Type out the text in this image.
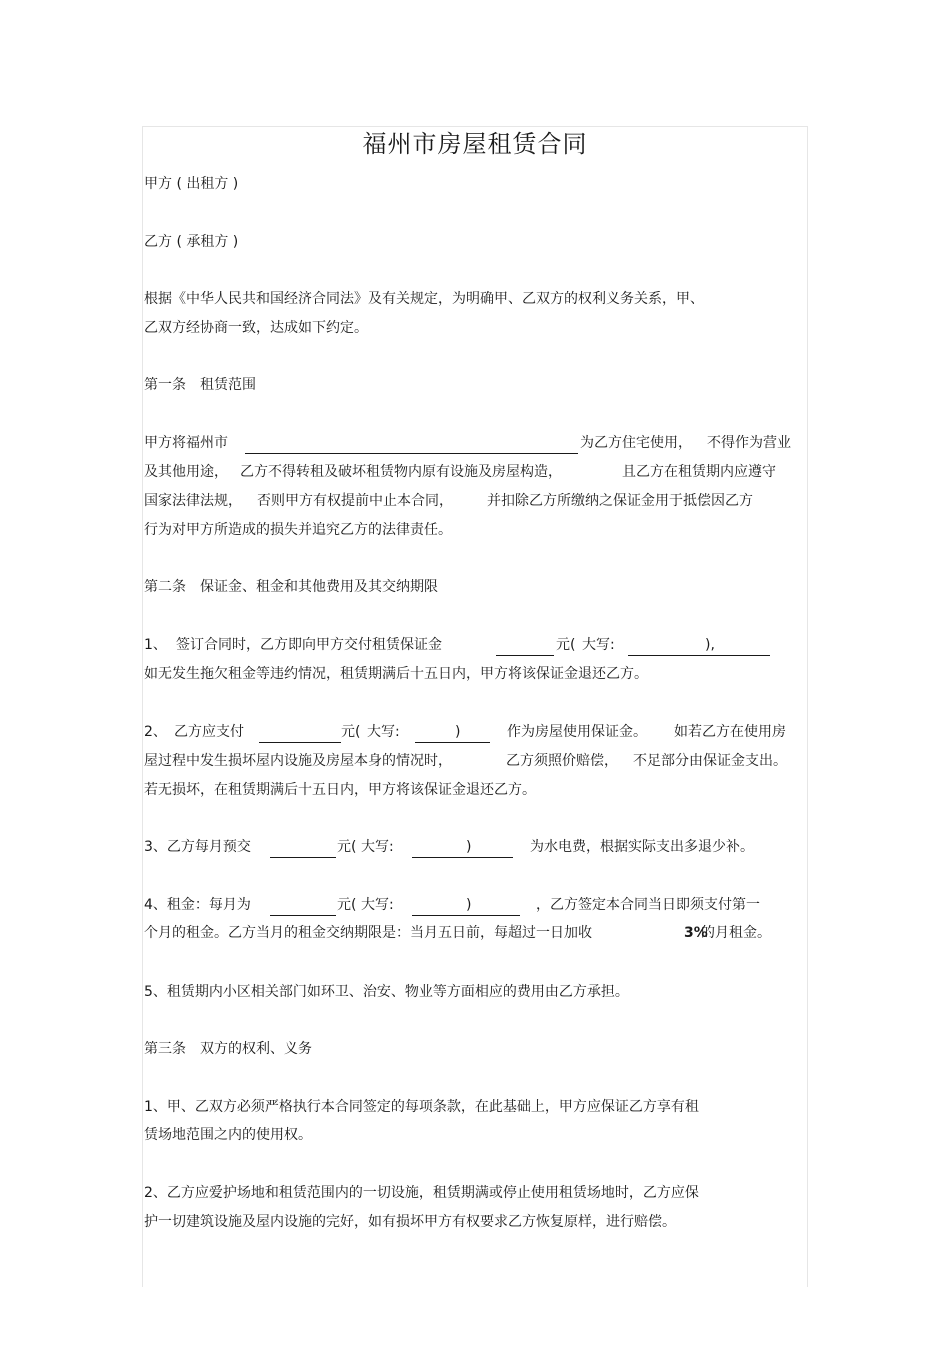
福州市房屋租赁合同
甲方 ( 出租方 )
乙方 ( 承租方 )
根据《中华人民共和国经济合同法》及有关规定，为明确甲、乙双方的权利义务关系，甲、
乙双方经协商一致，达成如下约定。
第一条　租赁范围
甲方将福州市	为乙方住宅使用， 不得作为营业
及其他用途， 乙方不得转租及破坏租赁物内原有设施及房屋构造，	且乙方在租赁期内应遵守
国家法律法规， 否则甲方有权提前中止本合同， 并扣除乙方所缴纳之保证金用于抵偿因乙方
行为对甲方所造成的损失并追究乙方的法律责任。
第二条　保证金、租金和其他费用及其交纳期限
1、 签订合同时，乙方即向甲方交付租赁保证金	元( 大写:	),
如无发生拖欠租金等违约情况，租赁期满后十五日内，甲方将该保证金退还乙方。
2、 乙方应支付	元( 大写:	)	作为房屋使用保证金。 如若乙方在使用房
屋过程中发生损坏屋内设施及房屋本身的情况时，	乙方须照价赔偿， 不足部分由保证金支出。
若无损坏，在租赁期满后十五日内，甲方将该保证金退还乙方。
3、乙方每月预交	元( 大写:	)	为水电费，根据实际支出多退少补。
4、租金：每月为	元( 大写:	)	，乙方签定本合同当日即须支付第一
个月的租金。乙方当月的租金交纳期限是：当月五日前，每超过一日加收	3%
的月租金。
5、租赁期内小区相关部门如环卫、治安、物业等方面相应的费用由乙方承担。
第三条　双方的权利、义务
1、甲、乙双方必须严格执行本合同签定的每项条款，在此基础上，甲方应保证乙方享有租
赁场地范围之内的使用权。
2、乙方应爱护场地和租赁范围内的一切设施，租赁期满或停止使用租赁场地时，乙方应保
护一切建筑设施及屋内设施的完好，如有损坏甲方有权要求乙方恢复原样，进行赔偿。
